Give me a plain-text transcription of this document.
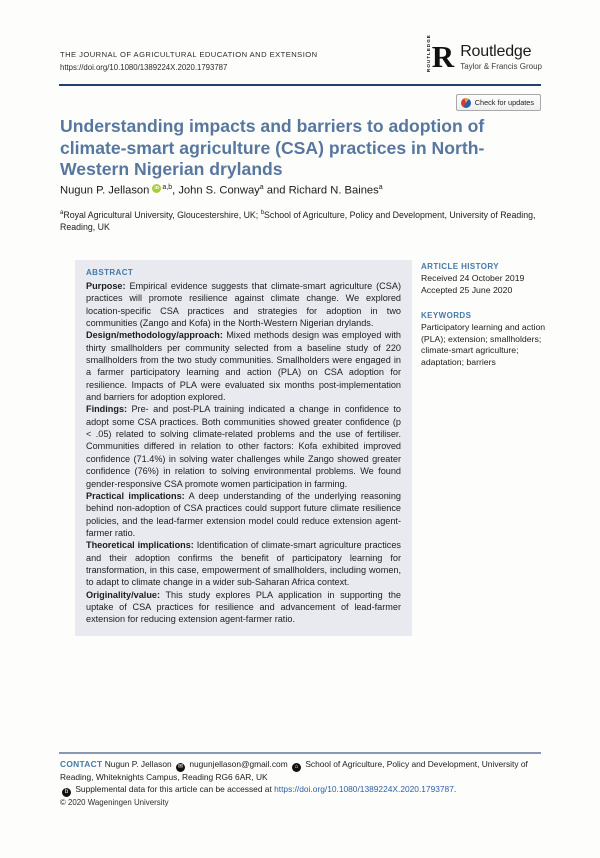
THE JOURNAL OF AGRICULTURAL EDUCATION AND EXTENSION
https://doi.org/10.1080/1389224X.2020.1793787	ROUTLEDGE R Routledge
Taylor & Francis Group
Check for updates
Understanding impacts and barriers to adoption of climate-smart agriculture (CSA) practices in North-Western Nigerian drylands
Nugun P. Jellason iD $^{a,b}$, John S. Conway$^a$ and Richard N. Baines$^a$
$^a$Royal Agricultural University, Gloucestershire, UK; $^b$School of Agriculture, Policy and Development, University of Reading, Reading, UK
ABSTRACT

Purpose: Empirical evidence suggests that climate-smart agriculture (CSA) practices will promote resilience against climate change. We explored location-specific CSA practices and strategies for adoption in two communities (Zango and Kofa) in the North-Western Nigerian drylands.

Design/methodology/approach: Mixed methods design was employed with thirty smallholders per community selected from a baseline study of 220 smallholders from the two study communities. Smallholders were engaged in a farmer participatory learning and action (PLA) on CSA adoption for resilience. Impacts of PLA were evaluated six months post-implementation and barriers for adoption explored.

Findings: Pre- and post-PLA training indicated a change in confidence to adopt some CSA practices. Both communities showed greater confidence (p < .05) related to solving climate-related problems and the use of fertiliser. Communities differed in relation to other factors: Kofa exhibited improved confidence (71.4%) in solving water challenges while Zango showed greater confidence (76%) in relation to solving environmental problems. We found gender-responsive CSA promote women participation in farming.

Practical implications: A deep understanding of the underlying reasoning behind non-adoption of CSA practices could support future climate resilience policies, and the lead-farmer extension model could reduce extension agent-farmer ratio.

Theoretical implications: Identification of climate-smart agriculture practices and their adoption confirms the benefit of participatory learning for transformation, in this case, empowerment of smallholders, including women, to adapt to climate change in a wider sub-Saharan Africa context.

Originality/value: This study explores PLA application in supporting the uptake of CSA practices for resilience and advancement of lead-farmer extension for reducing extension agent-farmer ratio.

ARTICLE HISTORY
Received 24 October 2019
Accepted 25 June 2020
KEYWORDS
Participatory learning and action (PLA); extension; smallholders; climate-smart agriculture; adaptation; barriers

CONTACT Nugun P. Jellason ✉ nugunjellason@gmail.com ⌂ School of Agriculture, Policy and Development, University of Reading, Whiteknights Campus, Reading RG6 6AR, UK

b Supplemental data for this article can be accessed at https://doi.org/10.1080/1389224X.2020.1793787.

© 2020 Wageningen University
